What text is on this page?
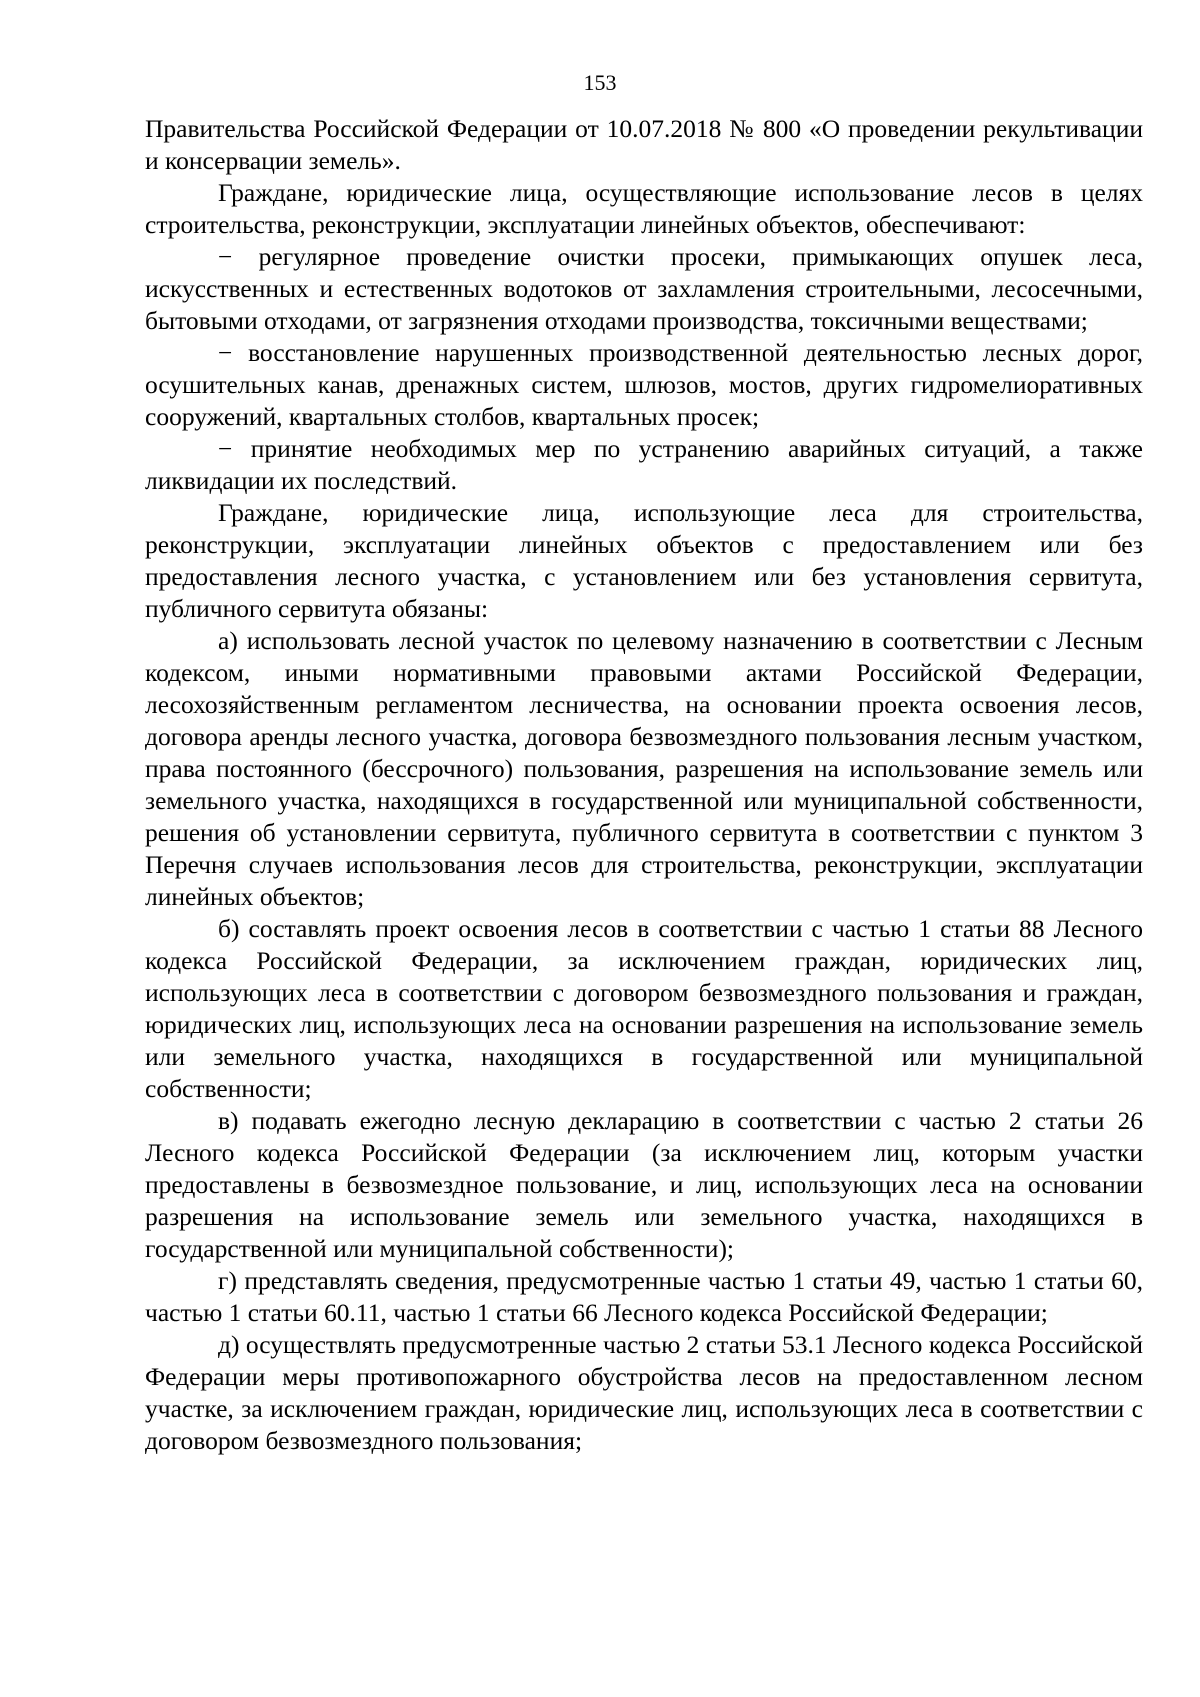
153

Правительства Российской Федерации от 10.07.2018 № 800 «О проведении рекультивации и консервации земель».

Граждане, юридические лица, осуществляющие использование лесов в целях строительства, реконструкции, эксплуатации линейных объектов, обеспечивают:

− регулярное проведение очистки просеки, примыкающих опушек леса, искусственных и естественных водотоков от захламления строительными, лесосечными, бытовыми отходами, от загрязнения отходами производства, токсичными веществами;

− восстановление нарушенных производственной деятельностью лесных дорог, осушительных канав, дренажных систем, шлюзов, мостов, других гидромелиоративных сооружений, квартальных столбов, квартальных просек;

− принятие необходимых мер по устранению аварийных ситуаций, а также ликвидации их последствий.

Граждане, юридические лица, использующие леса для строительства, реконструкции, эксплуатации линейных объектов с предоставлением или без предоставления лесного участка, с установлением или без установления сервитута, публичного сервитута обязаны:

а) использовать лесной участок по целевому назначению в соответствии с Лесным кодексом, иными нормативными правовыми актами Российской Федерации, лесохозяйственным регламентом лесничества, на основании проекта освоения лесов, договора аренды лесного участка, договора безвозмездного пользования лесным участком, права постоянного (бессрочного) пользования, разрешения на использование земель или земельного участка, находящихся в государственной или муниципальной собственности, решения об установлении сервитута, публичного сервитута в соответствии с пунктом 3 Перечня случаев использования лесов для строительства, реконструкции, эксплуатации линейных объектов;

б) составлять проект освоения лесов в соответствии с частью 1 статьи 88 Лесного кодекса Российской Федерации, за исключением граждан, юридических лиц, использующих леса в соответствии с договором безвозмездного пользования и граждан, юридических лиц, использующих леса на основании разрешения на использование земель или земельного участка, находящихся в государственной или муниципальной собственности;

в) подавать ежегодно лесную декларацию в соответствии с частью 2 статьи 26 Лесного кодекса Российской Федерации (за исключением лиц, которым участки предоставлены в безвозмездное пользование, и лиц, использующих леса на основании разрешения на использование земель или земельного участка, находящихся в государственной или муниципальной собственности);

г) представлять сведения, предусмотренные частью 1 статьи 49, частью 1 статьи 60, частью 1 статьи 60.11, частью 1 статьи 66 Лесного кодекса Российской Федерации;

д) осуществлять предусмотренные частью 2 статьи 53.1 Лесного кодекса Российской Федерации меры противопожарного обустройства лесов на предоставленном лесном участке, за исключением граждан, юридические лиц, использующих леса в соответствии с договором безвозмездного пользования;
